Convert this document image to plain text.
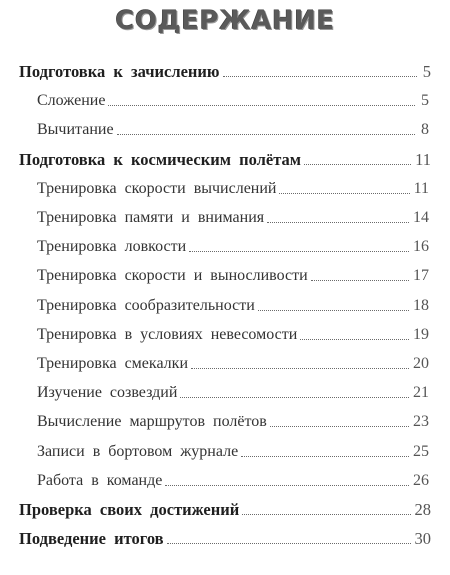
СОДЕРЖАНИЕ
Подготовка к зачислению	5
Сложение	5
Вычитание	8
Подготовка к космическим полётам	11
Тренировка скорости вычислений	11
Тренировка памяти и внимания	14
Тренировка ловкости	16
Тренировка скорости и выносливости	17
Тренировка сообразительности	18
Тренировка в условиях невесомости	19
Тренировка смекалки	20
Изучение созвездий	21
Вычисление маршрутов полётов	23
Записи в бортовом журнале	25
Работа в команде	26
Проверка своих достижений	28
Подведение итогов	30
